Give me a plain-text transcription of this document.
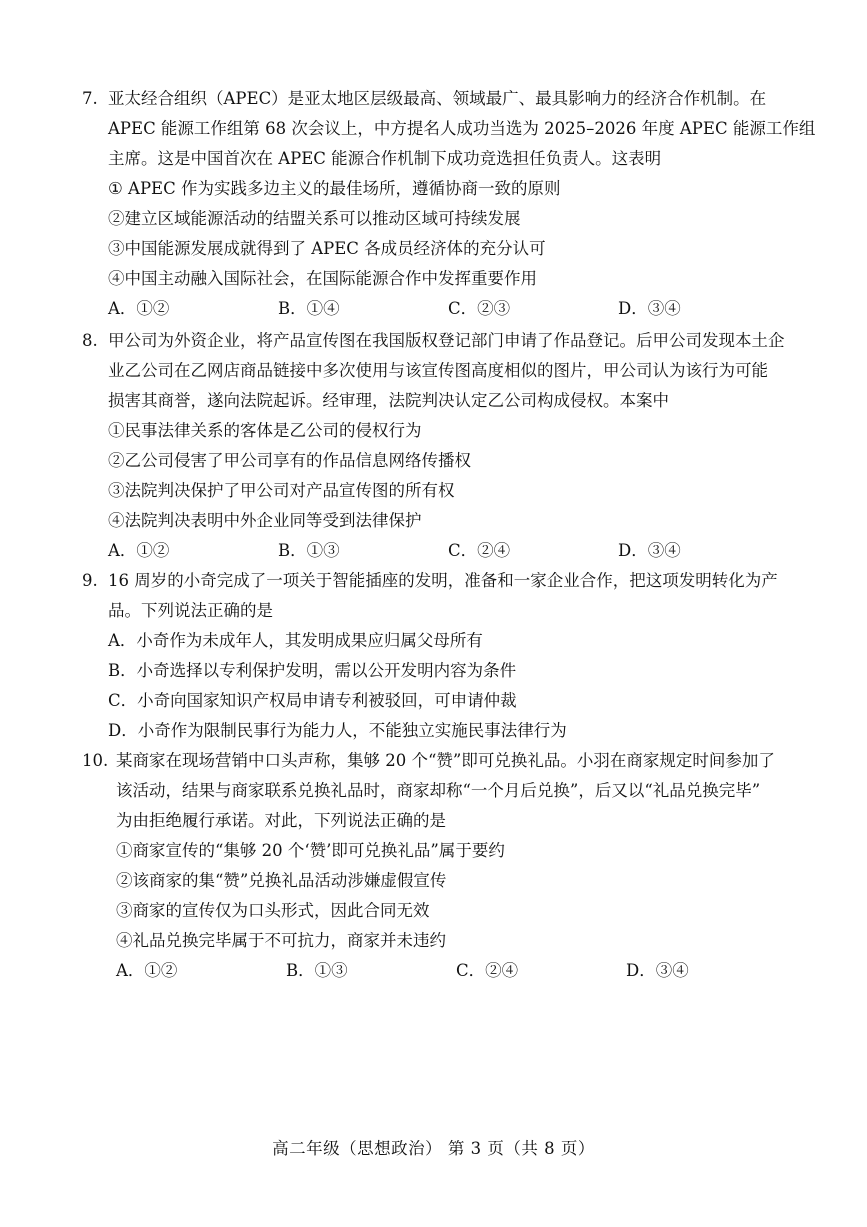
7. 亚太经合组织（APEC）是亚太地区层级最高、领域最广、最具影响力的经济合作机制。在
APEC 能源工作组第 68 次会议上，中方提名人成功当选为 2025–2026 年度 APEC 能源工作组
主席。这是中国首次在 APEC 能源合作机制下成功竞选担任负责人。这表明
① APEC 作为实践多边主义的最佳场所，遵循协商一致的原则
②建立区域能源活动的结盟关系可以推动区域可持续发展
③中国能源发展成就得到了 APEC 各成员经济体的充分认可
④中国主动融入国际社会，在国际能源合作中发挥重要作用
A．①②	B．①④	C．②③	D．③④
8. 甲公司为外资企业，将产品宣传图在我国版权登记部门申请了作品登记。后甲公司发现本土企
业乙公司在乙网店商品链接中多次使用与该宣传图高度相似的图片，甲公司认为该行为可能
损害其商誉，遂向法院起诉。经审理，法院判决认定乙公司构成侵权。本案中
①民事法律关系的客体是乙公司的侵权行为
②乙公司侵害了甲公司享有的作品信息网络传播权
③法院判决保护了甲公司对产品宣传图的所有权
④法院判决表明中外企业同等受到法律保护
A．①②	B．①③	C．②④	D．③④
9. 16 周岁的小奇完成了一项关于智能插座的发明，准备和一家企业合作，把这项发明转化为产
品。下列说法正确的是
A．小奇作为未成年人，其发明成果应归属父母所有
B．小奇选择以专利保护发明，需以公开发明内容为条件
C．小奇向国家知识产权局申请专利被驳回，可申请仲裁
D．小奇作为限制民事行为能力人，不能独立实施民事法律行为
10. 某商家在现场营销中口头声称，集够 20 个“赞”即可兑换礼品。小羽在商家规定时间参加了
该活动，结果与商家联系兑换礼品时，商家却称“一个月后兑换”，后又以“礼品兑换完毕”
为由拒绝履行承诺。对此，下列说法正确的是
①商家宣传的“集够 20 个‘赞’即可兑换礼品”属于要约
②该商家的集“赞”兑换礼品活动涉嫌虚假宣传
③商家的宣传仅为口头形式，因此合同无效
④礼品兑换完毕属于不可抗力，商家并未违约
A．①②	B．①③	C．②④	D．③④
高二年级（思想政治） 第 3 页（共 8 页）
